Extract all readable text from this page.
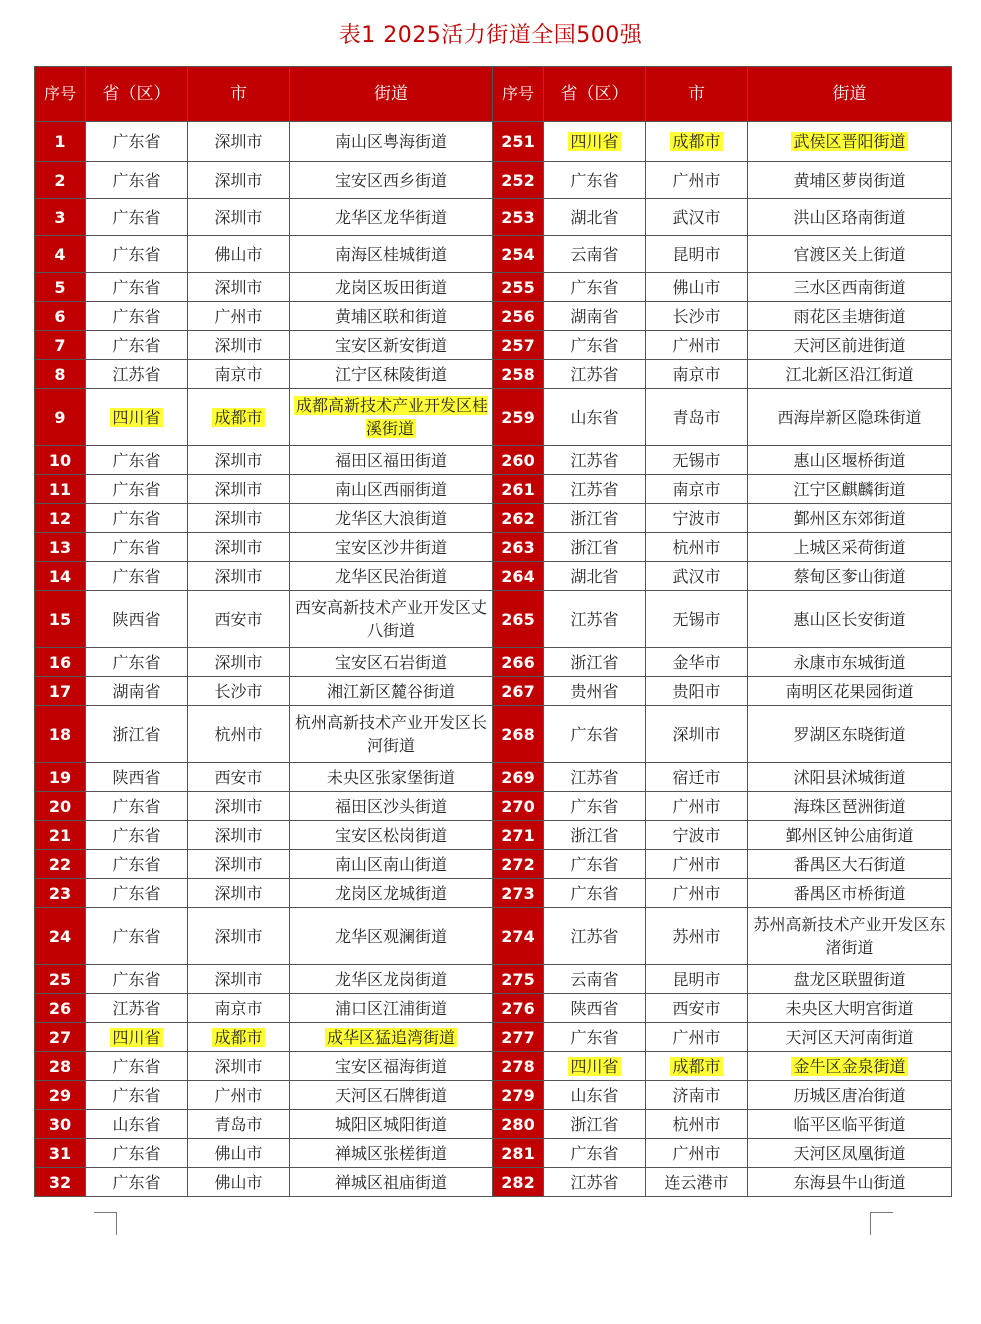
表1 2025活力街道全国500强
序号	省（区）	市	街道	序号	省（区）	市	街道
1	广东省	深圳市	南山区粤海街道	251	四川省	成都市	武侯区晋阳街道
2	广东省	深圳市	宝安区西乡街道	252	广东省	广州市	黄埔区萝岗街道
3	广东省	深圳市	龙华区龙华街道	253	湖北省	武汉市	洪山区珞南街道
4	广东省	佛山市	南海区桂城街道	254	云南省	昆明市	官渡区关上街道
5	广东省	深圳市	龙岗区坂田街道	255	广东省	佛山市	三水区西南街道
6	广东省	广州市	黄埔区联和街道	256	湖南省	长沙市	雨花区圭塘街道
7	广东省	深圳市	宝安区新安街道	257	广东省	广州市	天河区前进街道
8	江苏省	南京市	江宁区秣陵街道	258	江苏省	南京市	江北新区沿江街道
9	四川省	成都市	成都高新技术产业开发区桂溪街道	259	山东省	青岛市	西海岸新区隐珠街道
10	广东省	深圳市	福田区福田街道	260	江苏省	无锡市	惠山区堰桥街道
11	广东省	深圳市	南山区西丽街道	261	江苏省	南京市	江宁区麒麟街道
12	广东省	深圳市	龙华区大浪街道	262	浙江省	宁波市	鄞州区东郊街道
13	广东省	深圳市	宝安区沙井街道	263	浙江省	杭州市	上城区采荷街道
14	广东省	深圳市	龙华区民治街道	264	湖北省	武汉市	蔡甸区奓山街道
15	陕西省	西安市	西安高新技术产业开发区丈八街道	265	江苏省	无锡市	惠山区长安街道
16	广东省	深圳市	宝安区石岩街道	266	浙江省	金华市	永康市东城街道
17	湖南省	长沙市	湘江新区麓谷街道	267	贵州省	贵阳市	南明区花果园街道
18	浙江省	杭州市	杭州高新技术产业开发区长河街道	268	广东省	深圳市	罗湖区东晓街道
19	陕西省	西安市	未央区张家堡街道	269	江苏省	宿迁市	沭阳县沭城街道
20	广东省	深圳市	福田区沙头街道	270	广东省	广州市	海珠区琶洲街道
21	广东省	深圳市	宝安区松岗街道	271	浙江省	宁波市	鄞州区钟公庙街道
22	广东省	深圳市	南山区南山街道	272	广东省	广州市	番禺区大石街道
23	广东省	深圳市	龙岗区龙城街道	273	广东省	广州市	番禺区市桥街道
24	广东省	深圳市	龙华区观澜街道	274	江苏省	苏州市	苏州高新技术产业开发区东渚街道
25	广东省	深圳市	龙华区龙岗街道	275	云南省	昆明市	盘龙区联盟街道
26	江苏省	南京市	浦口区江浦街道	276	陕西省	西安市	未央区大明宫街道
27	四川省	成都市	成华区猛追湾街道	277	广东省	广州市	天河区天河南街道
28	广东省	深圳市	宝安区福海街道	278	四川省	成都市	金牛区金泉街道
29	广东省	广州市	天河区石牌街道	279	山东省	济南市	历城区唐冶街道
30	山东省	青岛市	城阳区城阳街道	280	浙江省	杭州市	临平区临平街道
31	广东省	佛山市	禅城区张槎街道	281	广东省	广州市	天河区凤凰街道
32	广东省	佛山市	禅城区祖庙街道	282	江苏省	连云港市	东海县牛山街道
